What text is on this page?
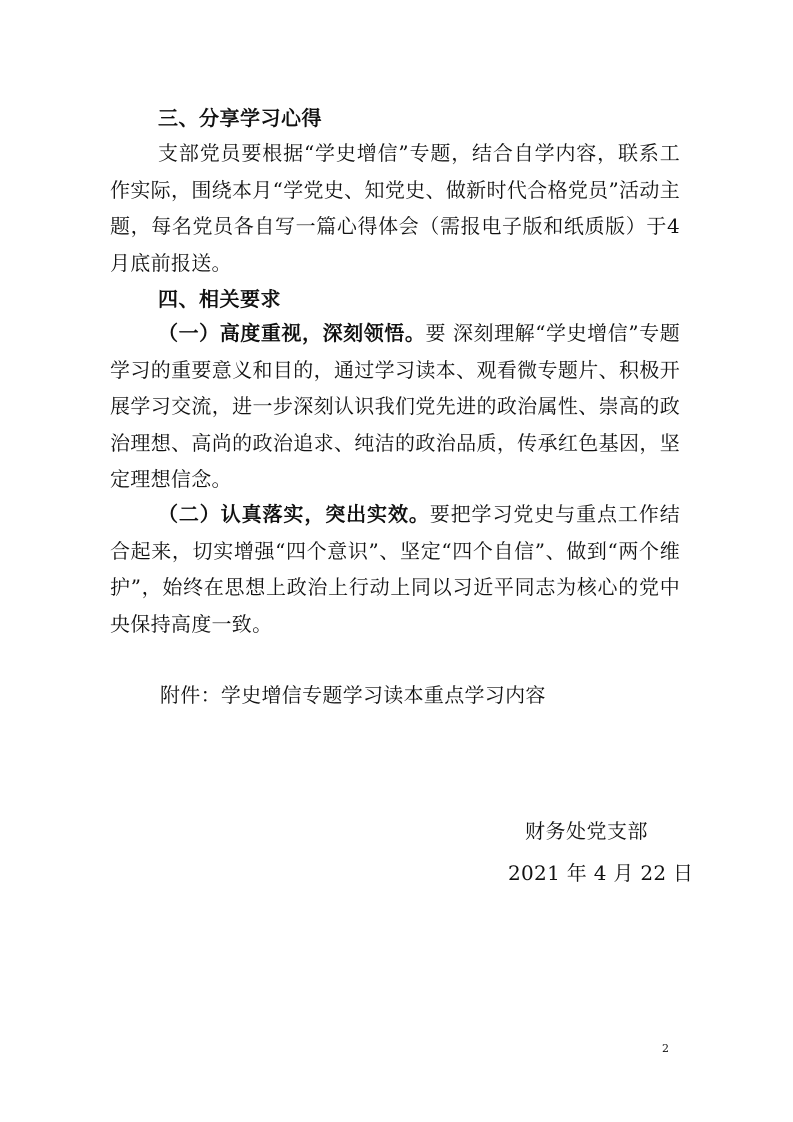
三、分享学习心得
支部党员要根据“学史增信”专题，结合自学内容，联系工作实际，围绕本月“学党史、知党史、做新时代合格党员”活动主题，每名党员各自写一篇心得体会（需报电子版和纸质版）于4月底前报送。
四、相关要求
（一）高度重视，深刻领悟。要 深刻理解“学史增信”专题学习的重要意义和目的，通过学习读本、观看微专题片、积极开展学习交流，进一步深刻认识我们党先进的政治属性、崇高的政治理想、高尚的政治追求、纯洁的政治品质，传承红色基因，坚定理想信念。
（二）认真落实，突出实效。要把学习党史与重点工作结合起来，切实增强“四个意识”、坚定“四个自信”、做到“两个维护”，始终在思想上政治上行动上同以习近平同志为核心的党中央保持高度一致。
附件：学史增信专题学习读本重点学习内容
财务处党支部
2021 年 4 月 22 日
2
